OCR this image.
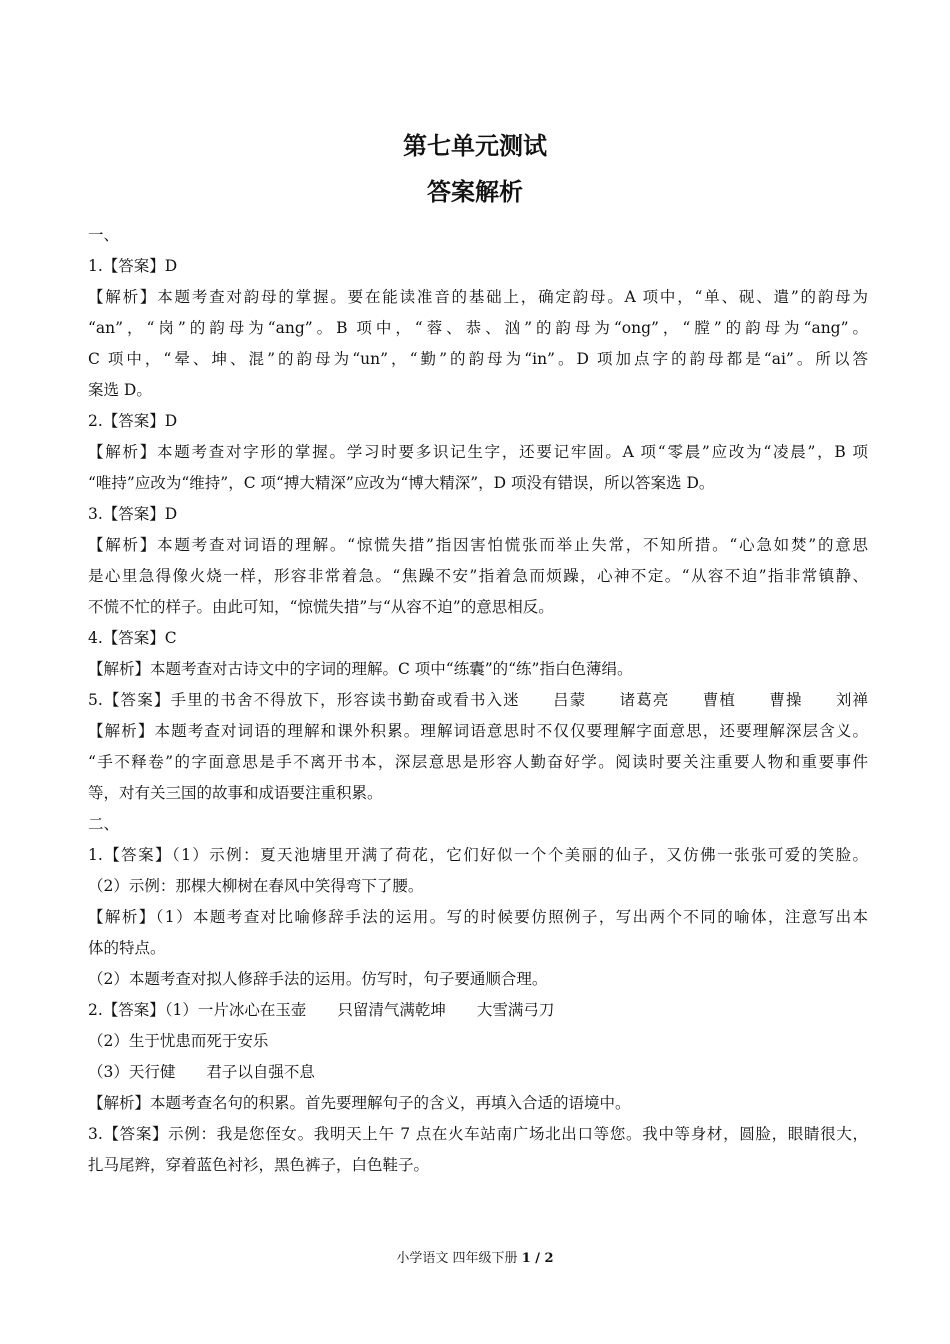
第七单元测试
答案解析
一、
1.【答案】D
【解析】本题考查对韵母的掌握。要在能读准音的基础上，确定韵母。A 项中，“单、砚、遣”的韵母为
“an”，“岗”的韵母为“ang”。B 项中，“蓉、恭、汹”的韵母为“ong”，“膛”的韵母为“ang”。
C 项中，“晕、坤、混”的韵母为“un”，“勤”的韵母为“in”。D 项加点字的韵母都是“ai”。所以答
案选 D。
2.【答案】D
【解析】本题考查对字形的掌握。学习时要多识记生字，还要记牢固。A 项“零晨”应改为“凌晨”，B 项
“唯持”应改为“维持”，C 项“搏大精深”应改为“博大精深”，D 项没有错误，所以答案选 D。
3.【答案】D
【解析】本题考查对词语的理解。“惊慌失措”指因害怕慌张而举止失常，不知所措。“心急如焚”的意思
是心里急得像火烧一样，形容非常着急。“焦躁不安”指着急而烦躁，心神不定。“从容不迫”指非常镇静、
不慌不忙的样子。由此可知，“惊慌失措”与“从容不迫”的意思相反。
4.【答案】C
【解析】本题考查对古诗文中的字词的理解。C 项中“练囊”的“练”指白色薄绢。
5.【答案】手里的书舍不得放下，形容读书勤奋或看书入迷　　吕蒙　　诸葛亮　　曹植　　曹操　　刘禅
【解析】本题考查对词语的理解和课外积累。理解词语意思时不仅仅要理解字面意思，还要理解深层含义。
“手不释卷”的字面意思是手不离开书本，深层意思是形容人勤奋好学。阅读时要关注重要人物和重要事件
等，对有关三国的故事和成语要注重积累。
二、
1.【答案】（1）示例：夏天池塘里开满了荷花，它们好似一个个美丽的仙子，又仿佛一张张可爱的笑脸。
（2）示例：那棵大柳树在春风中笑得弯下了腰。
【解析】（1）本题考查对比喻修辞手法的运用。写的时候要仿照例子，写出两个不同的喻体，注意写出本
体的特点。
（2）本题考查对拟人修辞手法的运用。仿写时，句子要通顺合理。
2.【答案】（1）一片冰心在玉壶　　只留清气满乾坤　　大雪满弓刀
（2）生于忧患而死于安乐
（3）天行健　　君子以自强不息
【解析】本题考查名句的积累。首先要理解句子的含义，再填入合适的语境中。
3.【答案】示例：我是您侄女。我明天上午 7 点在火车站南广场北出口等您。我中等身材，圆脸，眼睛很大，
扎马尾辫，穿着蓝色衬衫，黑色裤子，白色鞋子。
小学语文 四年级下册 1 / 2
